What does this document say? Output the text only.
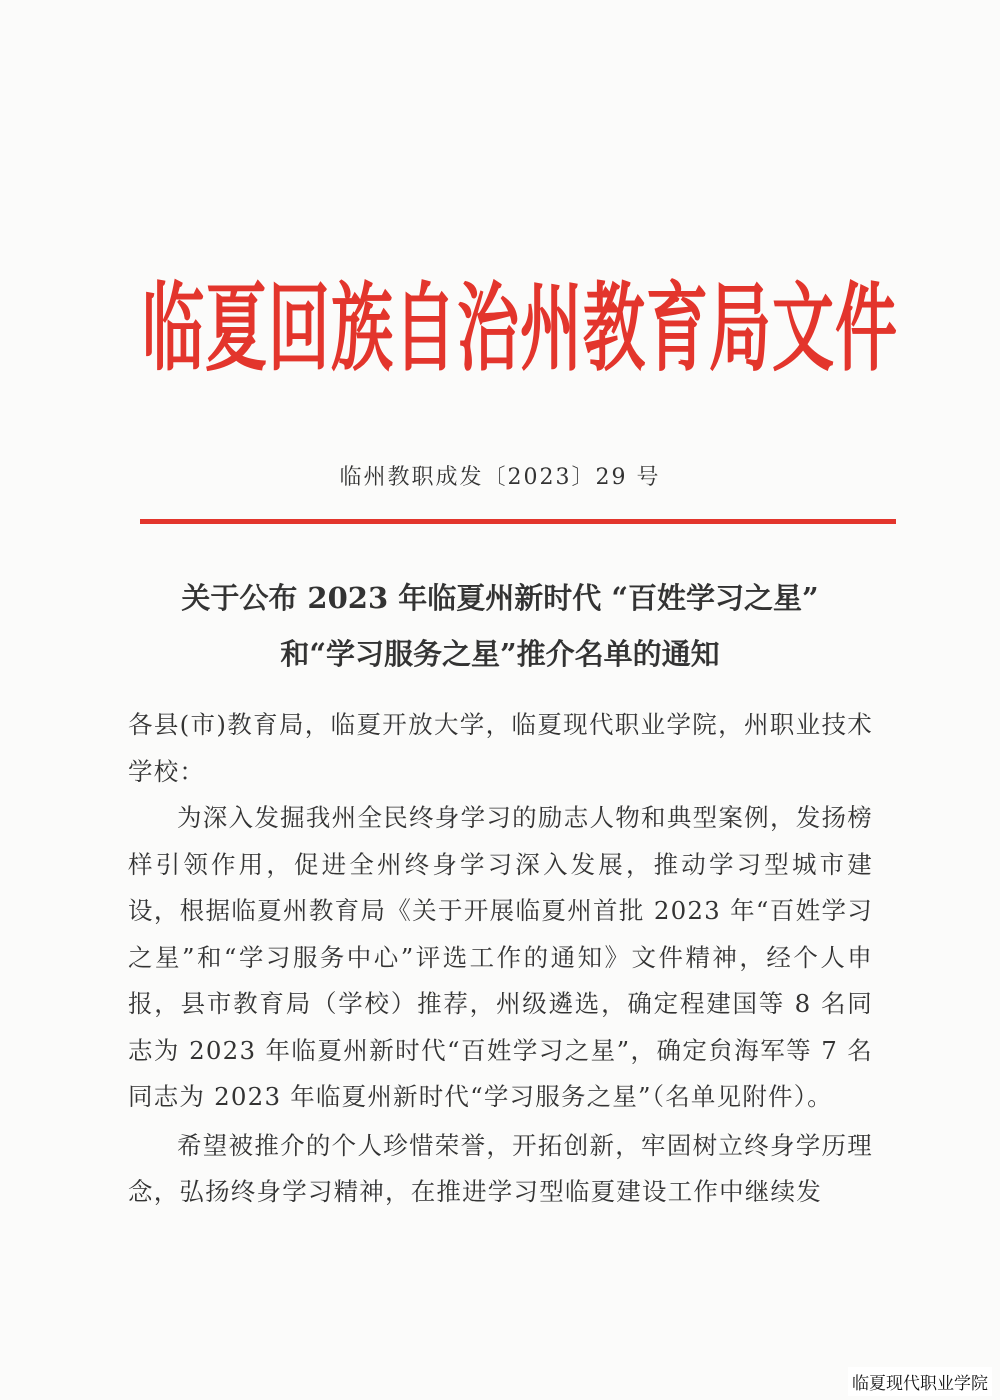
临夏回族自治州教育局文件
临州教职成发〔2023〕29 号
关于公布 2023 年临夏州新时代 “百姓学习之星”
和“学习服务之星”推介名单的通知

各县(市)教育局，临夏开放大学，临夏现代职业学院，州职业技术学校：

为深入发掘我州全民终身学习的励志人物和典型案例，发扬榜样引领作用，促进全州终身学习深入发展，推动学习型城市建设，根据临夏州教育局《关于开展临夏州首批 2023 年“百姓学习之星”和“学习服务中心”评选工作的通知》文件精神，经个人申报，县市教育局（学校）推荐，州级遴选，确定程建国等 8 名同志为 2023 年临夏州新时代“百姓学习之星”，确定贠海军等 7 名同志为 2023 年临夏州新时代“学习服务之星”（名单见附件）。

希望被推介的个人珍惜荣誉，开拓创新，牢固树立终身学历理念，弘扬终身学习精神，在推进学习型临夏建设工作中继续发

临夏现代职业学院
